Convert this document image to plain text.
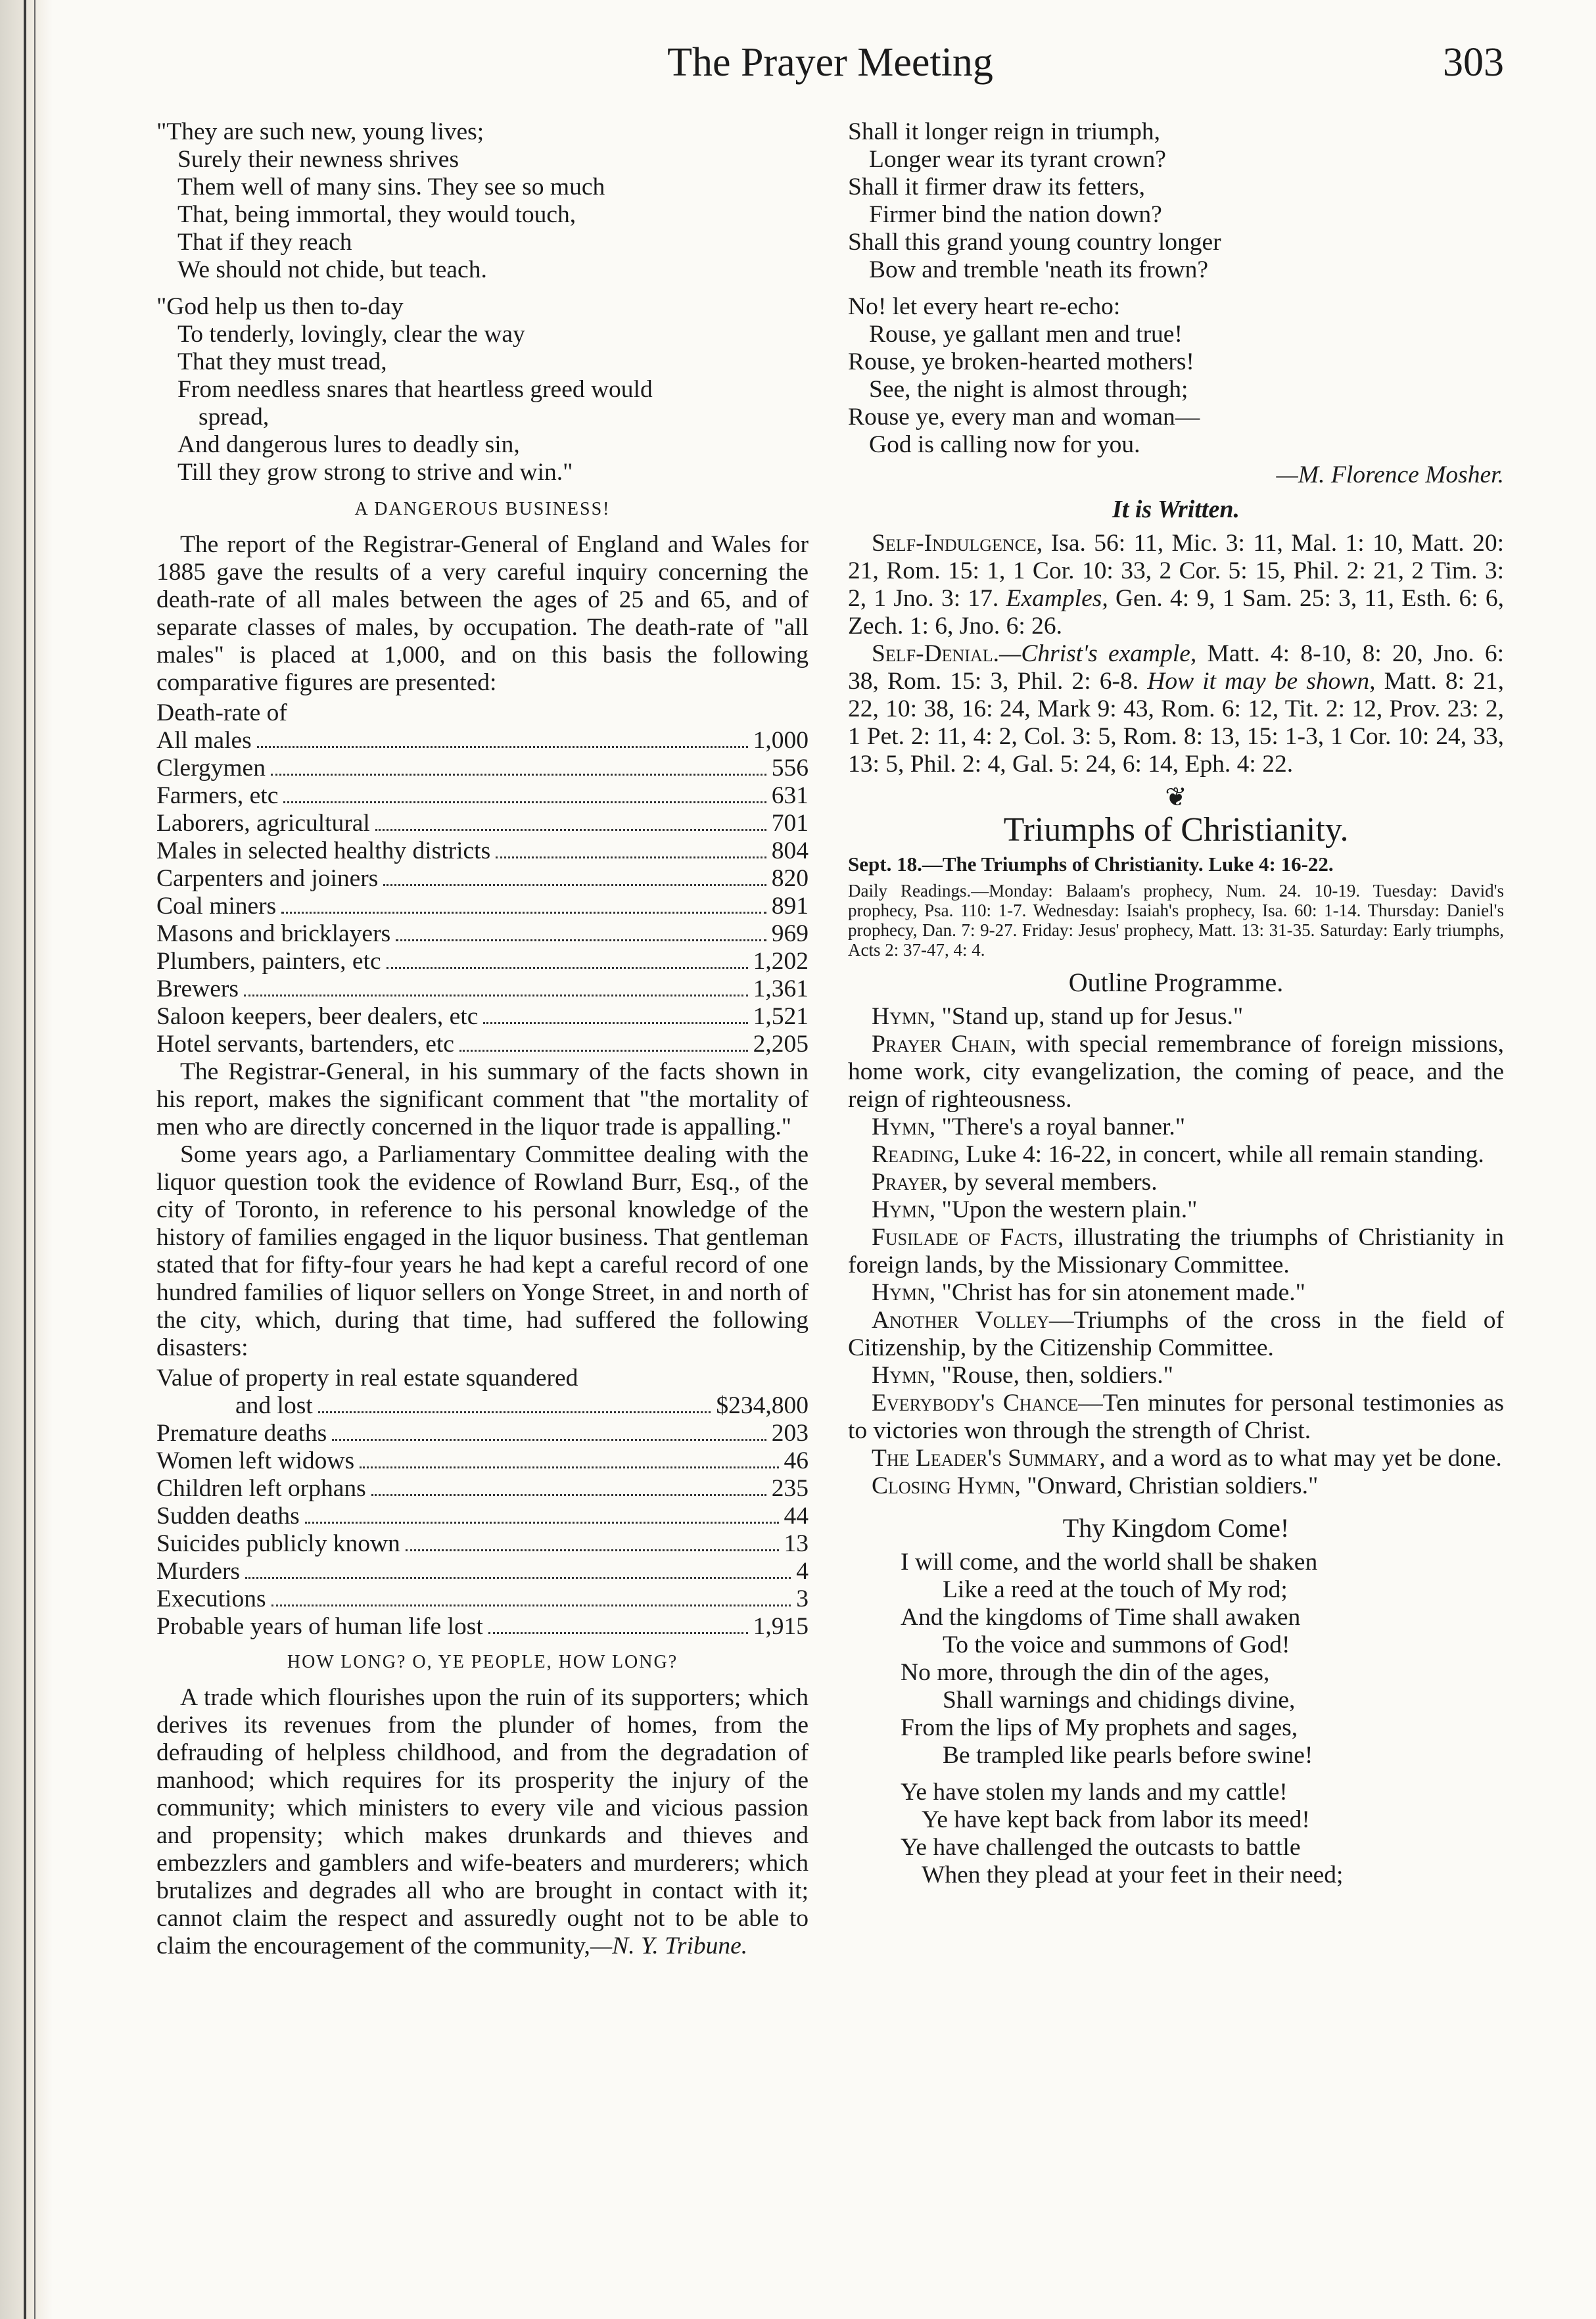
The Prayer Meeting	303
"They are such new, young lives;
Surely their newness shrives
Them well of many sins. They see so much
That, being immortal, they would touch,
That if they reach
We should not chide, but teach.
"God help us then to-day
To tenderly, lovingly, clear the way
That they must tread,
From needless snares that heartless greed would
spread,
And dangerous lures to deadly sin,
Till they grow strong to strive and win."
A DANGEROUS BUSINESS!

The report of the Registrar-General of England and Wales for 1885 gave the results of a very careful inquiry concerning the death-rate of all males between the ages of 25 and 65, and of separate classes of males, by occupation. The death-rate of "all males" is placed at 1,000, and on this basis the following comparative figures are presented:

Death-rate of
All males	1,000
Clergymen	556
Farmers, etc	631
Laborers, agricultural	701
Males in selected healthy districts	804
Carpenters and joiners	820
Coal miners	891
Masons and bricklayers	969
Plumbers, painters, etc	1,202
Brewers	1,361
Saloon keepers, beer dealers, etc	1,521
Hotel servants, bartenders, etc	2,205

The Registrar-General, in his summary of the facts shown in his report, makes the significant comment that "the mortality of men who are directly concerned in the liquor trade is appalling."

Some years ago, a Parliamentary Committee dealing with the liquor question took the evidence of Rowland Burr, Esq., of the city of Toronto, in reference to his personal knowledge of the history of families engaged in the liquor business. That gentleman stated that for fifty-four years he had kept a careful record of one hundred families of liquor sellers on Yonge Street, in and north of the city, which, during that time, had suffered the following disasters:

Value of property in real estate squandered
and lost	$234,800
Premature deaths	203
Women left widows	46
Children left orphans	235
Sudden deaths	44
Suicides publicly known	13
Murders	4
Executions	3
Probable years of human life lost	1,915
HOW LONG? O, YE PEOPLE, HOW LONG?

A trade which flourishes upon the ruin of its supporters; which derives its revenues from the plunder of homes, from the defrauding of helpless childhood, and from the degradation of manhood; which requires for its prosperity the injury of the community; which ministers to every vile and vicious passion and propensity; which makes drunkards and thieves and embezzlers and gamblers and wife-beaters and murderers; which brutalizes and degrades all who are brought in contact with it; cannot claim the respect and assuredly ought not to be able to claim the encouragement of the community,—N. Y. Tribune.

Shall it longer reign in triumph,
Longer wear its tyrant crown?
Shall it firmer draw its fetters,
Firmer bind the nation down?
Shall this grand young country longer
Bow and tremble 'neath its frown?
No! let every heart re-echo:
Rouse, ye gallant men and true!
Rouse, ye broken-hearted mothers!
See, the night is almost through;
Rouse ye, every man and woman—
God is calling now for you.
—M. Florence Mosher.
It is Written.

Self-Indulgence, Isa. 56: 11, Mic. 3: 11, Mal. 1: 10, Matt. 20: 21, Rom. 15: 1, 1 Cor. 10: 33, 2 Cor. 5: 15, Phil. 2: 21, 2 Tim. 3: 2, 1 Jno. 3: 17. Examples, Gen. 4: 9, 1 Sam. 25: 3, 11, Esth. 6: 6, Zech. 1: 6, Jno. 6: 26.

Self-Denial.—Christ's example, Matt. 4: 8-10, 8: 20, Jno. 6: 38, Rom. 15: 3, Phil. 2: 6-8. How it may be shown, Matt. 8: 21, 22, 10: 38, 16: 24, Mark 9: 43, Rom. 6: 12, Tit. 2: 12, Prov. 23: 2, 1 Pet. 2: 11, 4: 2, Col. 3: 5, Rom. 8: 13, 15: 1-3, 1 Cor. 10: 24, 33, 13: 5, Phil. 2: 4, Gal. 5: 24, 6: 14, Eph. 4: 22.

❦
Triumphs of Christianity.
Sept. 18.—The Triumphs of Christianity. Luke 4: 16-22.
Daily Readings.—Monday: Balaam's prophecy, Num. 24. 10-19. Tuesday: David's prophecy, Psa. 110: 1-7. Wednesday: Isaiah's prophecy, Isa. 60: 1-14. Thursday: Daniel's prophecy, Dan. 7: 9-27. Friday: Jesus' prophecy, Matt. 13: 31-35. Saturday: Early triumphs, Acts 2: 37-47, 4: 4.
Outline Programme.

Hymn, "Stand up, stand up for Jesus."

Prayer Chain, with special remembrance of foreign missions, home work, city evangelization, the coming of peace, and the reign of righteousness.

Hymn, "There's a royal banner."

Reading, Luke 4: 16-22, in concert, while all remain standing.

Prayer, by several members.

Hymn, "Upon the western plain."

Fusilade of Facts, illustrating the triumphs of Christianity in foreign lands, by the Missionary Committee.

Hymn, "Christ has for sin atonement made."

Another Volley—Triumphs of the cross in the field of Citizenship, by the Citizenship Committee.

Hymn, "Rouse, then, soldiers."

Everybody's Chance—Ten minutes for personal testimonies as to victories won through the strength of Christ.

The Leader's Summary, and a word as to what may yet be done.

Closing Hymn, "Onward, Christian soldiers."

Thy Kingdom Come!
I will come, and the world shall be shaken
Like a reed at the touch of My rod;
And the kingdoms of Time shall awaken
To the voice and summons of God!
No more, through the din of the ages,
Shall warnings and chidings divine,
From the lips of My prophets and sages,
Be trampled like pearls before swine!
Ye have stolen my lands and my cattle!
Ye have kept back from labor its meed!
Ye have challenged the outcasts to battle
When they plead at your feet in their need;
